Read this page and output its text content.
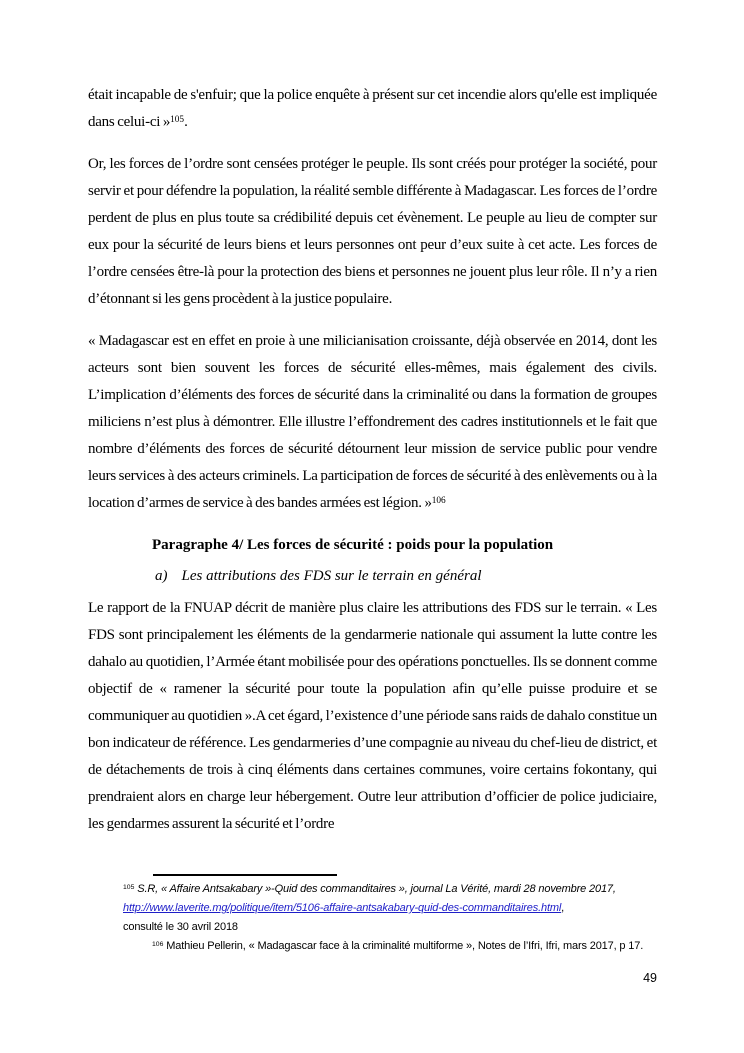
était incapable de s'enfuir; que la police enquête à présent sur cet incendie alors qu'elle est impliquée dans celui-ci »$^{105}$.

Or, les forces de l’ordre sont censées protéger le peuple. Ils sont créés pour protéger la société, pour servir et pour défendre la population, la réalité semble différente à Madagascar. Les forces de l’ordre perdent de plus en plus toute sa crédibilité depuis cet évènement. Le peuple au lieu de compter sur eux pour la sécurité de leurs biens et leurs personnes ont peur d’eux suite à cet acte. Les forces de l’ordre censées être-là pour la protection des biens et personnes ne jouent plus leur rôle. Il n’y a rien d’étonnant si les gens procèdent à la justice populaire.

« Madagascar est en effet en proie à une milicianisation croissante, déjà observée en 2014, dont les acteurs sont bien souvent les forces de sécurité elles-mêmes, mais également des civils. L’implication d’éléments des forces de sécurité dans la criminalité ou dans la formation de groupes miliciens n’est plus à démontrer. Elle illustre l’effondrement des cadres institutionnels et le fait que nombre d’éléments des forces de sécurité détournent leur mission de service public pour vendre leurs services à des acteurs criminels. La participation de forces de sécurité à des enlèvements ou à la location d’armes de service à des bandes armées est légion. »$^{106}$

Paragraphe 4/ Les forces de sécurité : poids pour la population
a) Les attributions des FDS sur le terrain en général

Le rapport de la FNUAP décrit de manière plus claire les attributions des FDS sur le terrain. « Les FDS sont principalement les éléments de la gendarmerie nationale qui assument la lutte contre les dahalo au quotidien, l’Armée étant mobilisée pour des opérations ponctuelles. Ils se donnent comme objectif de « ramener la sécurité pour toute la population afin qu’elle puisse produire et se communiquer au quotidien ».A cet égard, l’existence d’une période sans raids de dahalo constitue un bon indicateur de référence. Les gendarmeries d’une compagnie au niveau du chef-lieu de district, et de détachements de trois à cinq éléments dans certaines communes, voire certains fokontany, qui prendraient alors en charge leur hébergement. Outre leur attribution d’officier de police judiciaire, les gendarmes assurent la sécurité et l’ordre

$^{105}$ S.R, « Affaire Antsakabary »-Quid des commanditaires », journal La Vérité, mardi 28 novembre 2017,
http://www.laverite.mg/politique/item/5106-affaire-antsakabary-quid-des-commanditaires.html,
consulté le 30 avril 2018
$^{106}$ Mathieu Pellerin, « Madagascar face à la criminalité multiforme », Notes de l’Ifri, Ifri, mars 2017, p 17.
49
